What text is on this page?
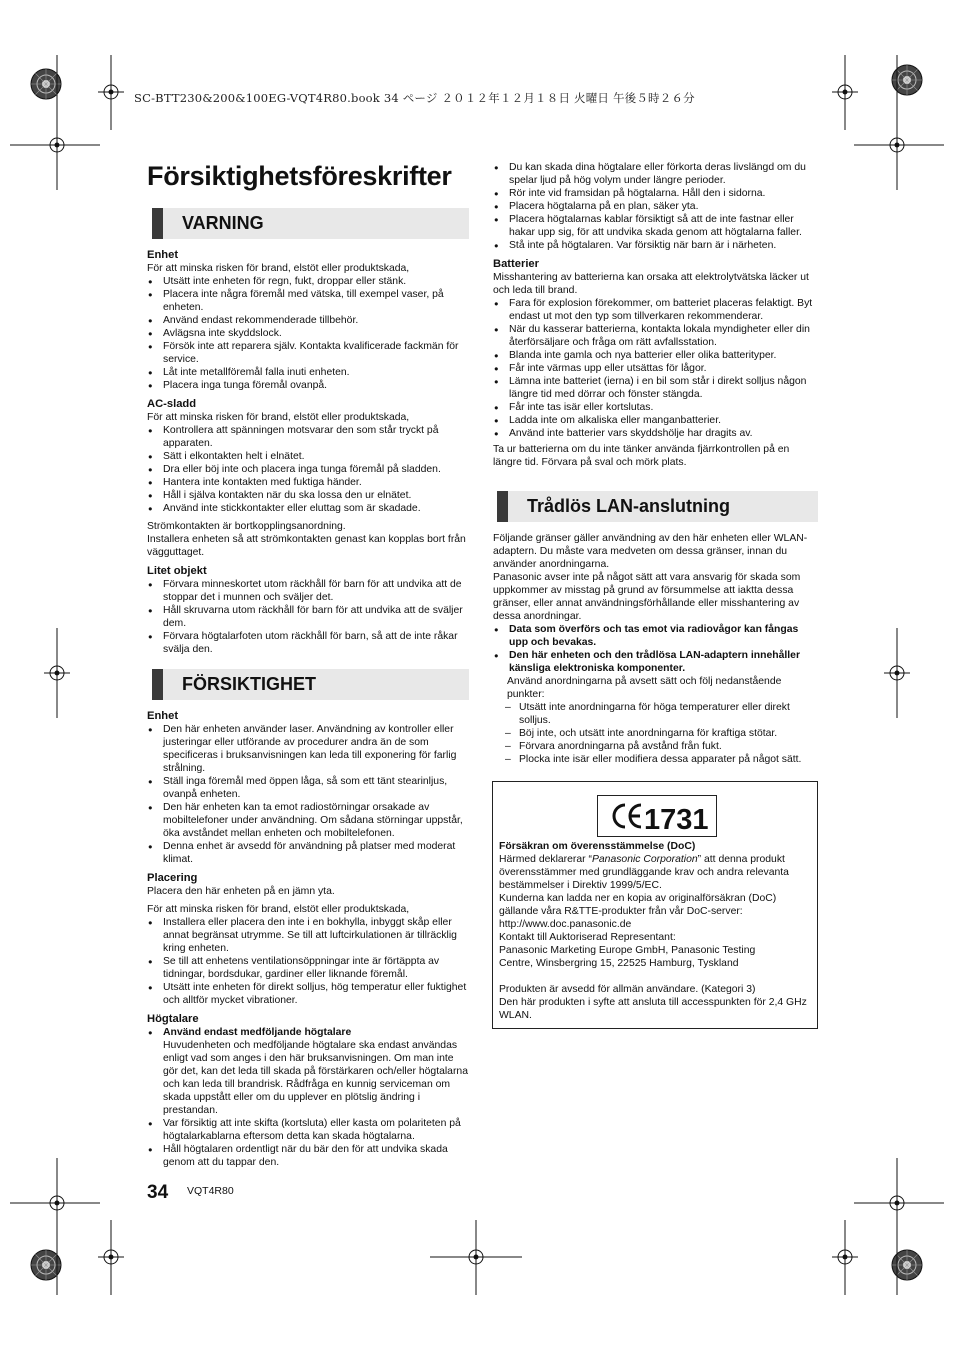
SC-BTT230&200&100EG-VQT4R80.book 34 ページ ２０１２年１２月１８日 火曜日 午後５時２６分
Försiktighetsföreskrifter
VARNING
Enhet

För att minska risken för brand, elstöt eller produktskada,

● Utsätt inte enheten för regn, fukt, droppar eller stänk.
● Placera inte några föremål med vätska, till exempel vaser, på enheten.
● Använd endast rekommenderade tillbehör.
● Avlägsna inte skyddslock.
● Försök inte att reparera själv. Kontakta kvalificerade fackmän för service.
● Låt inte metallföremål falla inuti enheten.
● Placera inga tunga föremål ovanpå.
AC-sladd

För att minska risken för brand, elstöt eller produktskada,

● Kontrollera att spänningen motsvarar den som står tryckt på apparaten.
● Sätt i elkontakten helt i elnätet.
● Dra eller böj inte och placera inga tunga föremål på sladden.
● Hantera inte kontakten med fuktiga händer.
● Håll i själva kontakten när du ska lossa den ur elnätet.
● Använd inte stickkontakter eller eluttag som är skadade.

Strömkontakten är bortkopplingsanordning.

Installera enheten så att strömkontakten genast kan kopplas bort från vägguttaget.

Litet objekt
● Förvara minneskortet utom räckhåll för barn för att undvika att de stoppar det i munnen och sväljer det.
● Håll skruvarna utom räckhåll för barn för att undvika att de sväljer dem.
● Förvara högtalarfoten utom räckhåll för barn, så att de inte råkar svälja den.
FÖRSIKTIGHET
Enhet
● Den här enheten använder laser. Användning av kontroller eller justeringar eller utförande av procedurer andra än de som specificeras i bruksanvisningen kan leda till exponering för farlig strålning.
● Ställ inga föremål med öppen låga, så som ett tänt stearinljus, ovanpå enheten.
● Den här enheten kan ta emot radiostörningar orsakade av mobiltelefoner under användning. Om sådana störningar uppstår, öka avståndet mellan enheten och mobiltelefonen.
● Denna enhet är avsedd för användning på platser med moderat klimat.
Placering

Placera den här enheten på en jämn yta.

För att minska risken för brand, elstöt eller produktskada,

● Installera eller placera den inte i en bokhylla, inbyggt skåp eller annat begränsat utrymme. Se till att luftcirkulationen är tillräcklig kring enheten.
● Se till att enhetens ventilationsöppningar inte är förtäppta av tidningar, bordsdukar, gardiner eller liknande föremål.
● Utsätt inte enheten för direkt solljus, hög temperatur eller fuktighet och alltför mycket vibrationer.
Högtalare
● Använd endast medföljande högtalare

Huvudenheten och medföljande högtalare ska endast användas enligt vad som anges i den här bruksanvisningen. Om man inte gör det, kan det leda till skada på förstärkaren och/eller högtalarna och kan leda till brandrisk. Rådfråga en kunnig serviceman om skada uppstått eller om du upplever en plötslig ändring i prestandan.

● Var försiktig att inte skifta (kortsluta) eller kasta om polariteten på högtalarkablarna eftersom detta kan skada högtalarna.
● Håll högtalaren ordentligt när du bär den för att undvika skada genom att du tappar den.
● Du kan skada dina högtalare eller förkorta deras livslängd om du spelar ljud på hög volym under längre perioder.
● Rör inte vid framsidan på högtalarna. Håll den i sidorna.
● Placera högtalarna på en plan, säker yta.
● Placera högtalarnas kablar försiktigt så att de inte fastnar eller hakar upp sig, för att undvika skada genom att högtalarna faller.
● Stå inte på högtalaren. Var försiktig när barn är i närheten.
Batterier

Misshantering av batterierna kan orsaka att elektrolytvätska läcker ut och leda till brand.

● Fara för explosion förekommer, om batteriet placeras felaktigt. Byt endast ut mot den typ som tillverkaren rekommenderar.
● När du kasserar batterierna, kontakta lokala myndigheter eller din återförsäljare och fråga om rätt avfallsstation.
● Blanda inte gamla och nya batterier eller olika batterityper.
● Får inte värmas upp eller utsättas för lågor.
● Lämna inte batteriet (ierna) i en bil som står i direkt solljus någon längre tid med dörrar och fönster stängda.
● Får inte tas isär eller kortslutas.
● Ladda inte om alkaliska eller manganbatterier.
● Använd inte batterier vars skyddshölje har dragits av.

Ta ur batterierna om du inte tänker använda fjärrkontrollen på en längre tid. Förvara på sval och mörk plats.

Trådlös LAN-anslutning

Följande gränser gäller användning av den här enheten eller WLAN-adaptern. Du måste vara medveten om dessa gränser, innan du använder anordningarna.

Panasonic avser inte på något sätt att vara ansvarig för skada som uppkommer av misstag på grund av försummelse att iaktta dessa gränser, eller annat användningsförhållande eller misshantering av dessa anordningar.

● Data som överförs och tas emot via radiovågor kan fångas upp och bevakas.
● Den här enheten och den trådlösa LAN-adaptern innehåller känsliga elektroniska komponenter.

Använd anordningarna på avsett sätt och följ nedanstående punkter:

– Utsätt inte anordningarna för höga temperaturer eller direkt solljus.
– Böj inte, och utsätt inte anordningarna för kraftiga stötar.
– Förvara anordningarna på avstånd från fukt.
– Plocka inte isär eller modifiera dessa apparater på något sätt.
1731
Försäkran om överensstämmelse (DoC)

Härmed deklarerar “Panasonic Corporation” att denna produkt överensstämmer med grundläggande krav och andra relevanta bestämmelser i Direktiv 1999/5/EC.

Kunderna kan ladda ner en kopia av originalförsäkran (DoC) gällande våra R&TTE-produkter från vår DoC-server:

http://www.doc.panasonic.de

Kontakt till Auktoriserad Representant:

Panasonic Marketing Europe GmbH, Panasonic Testing

Centre, Winsbergring 15, 22525 Hamburg, Tyskland

Produkten är avsedd för allmän användare. (Kategori 3)

Den här produkten i syfte att ansluta till accesspunkten för 2,4 GHz WLAN.

34 VQT4R80
